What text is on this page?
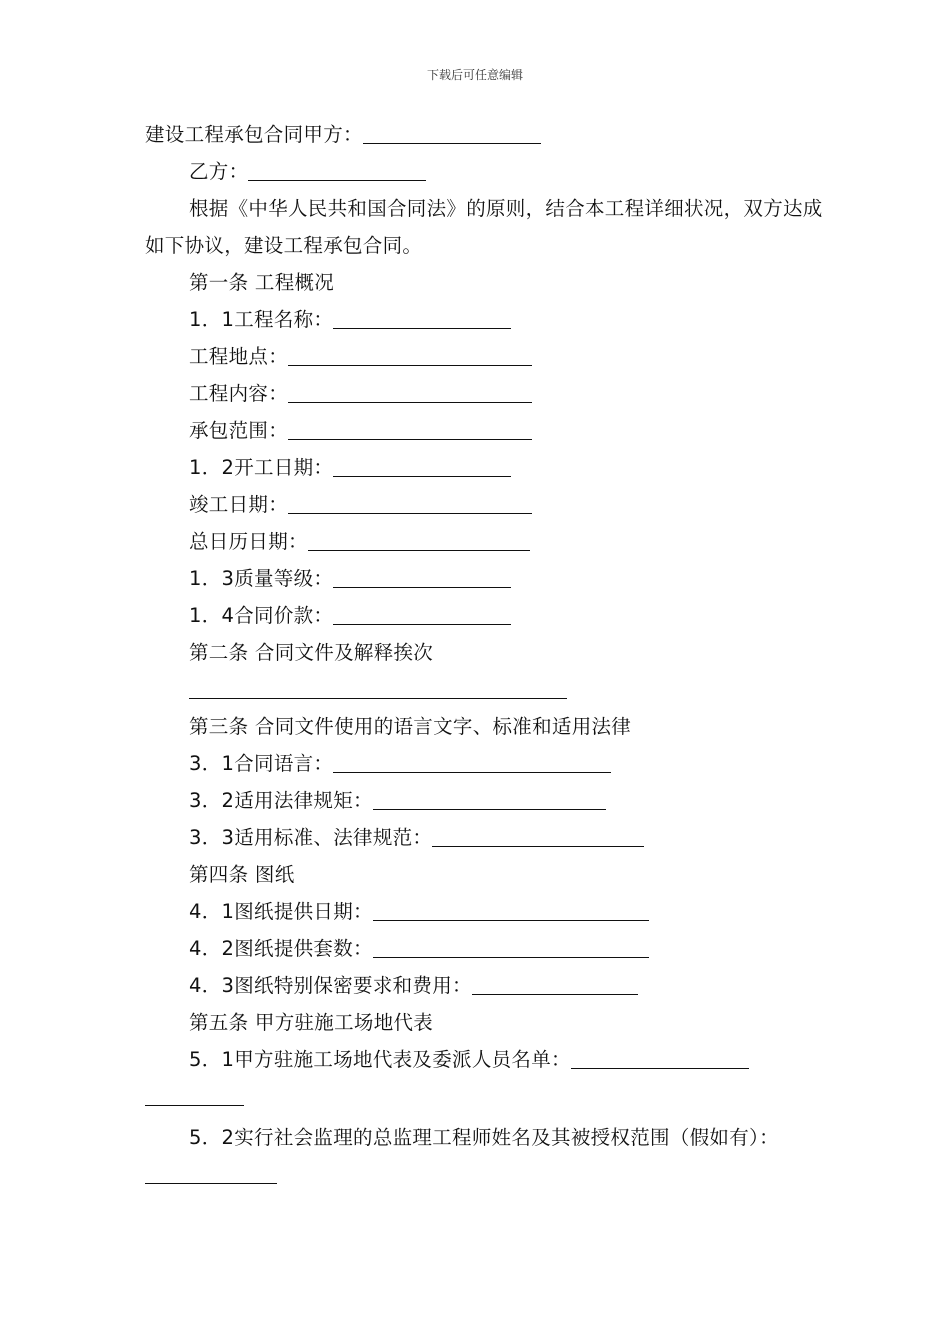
下载后可任意编辑
建设工程承包合同甲方：
乙方：
根据《中华人民共和国合同法》的原则，结合本工程详细状况，双方达成如下协议，建设工程承包合同。
第一条 工程概况
1．1工程名称：
工程地点：
工程内容：
承包范围：
1．2开工日期：
竣工日期：
总日历日期：
1．3质量等级：
1．4合同价款：
第二条 合同文件及解释挨次
第三条 合同文件使用的语言文字、标准和适用法律
3．1合同语言：
3．2适用法律规矩：
3．3适用标准、法律规范：
第四条 图纸
4．1图纸提供日期：
4．2图纸提供套数：
4．3图纸特别保密要求和费用：
第五条 甲方驻施工场地代表
5．1甲方驻施工场地代表及委派人员名单：
5．2实行社会监理的总监理工程师姓名及其被授权范围（假如有）：
